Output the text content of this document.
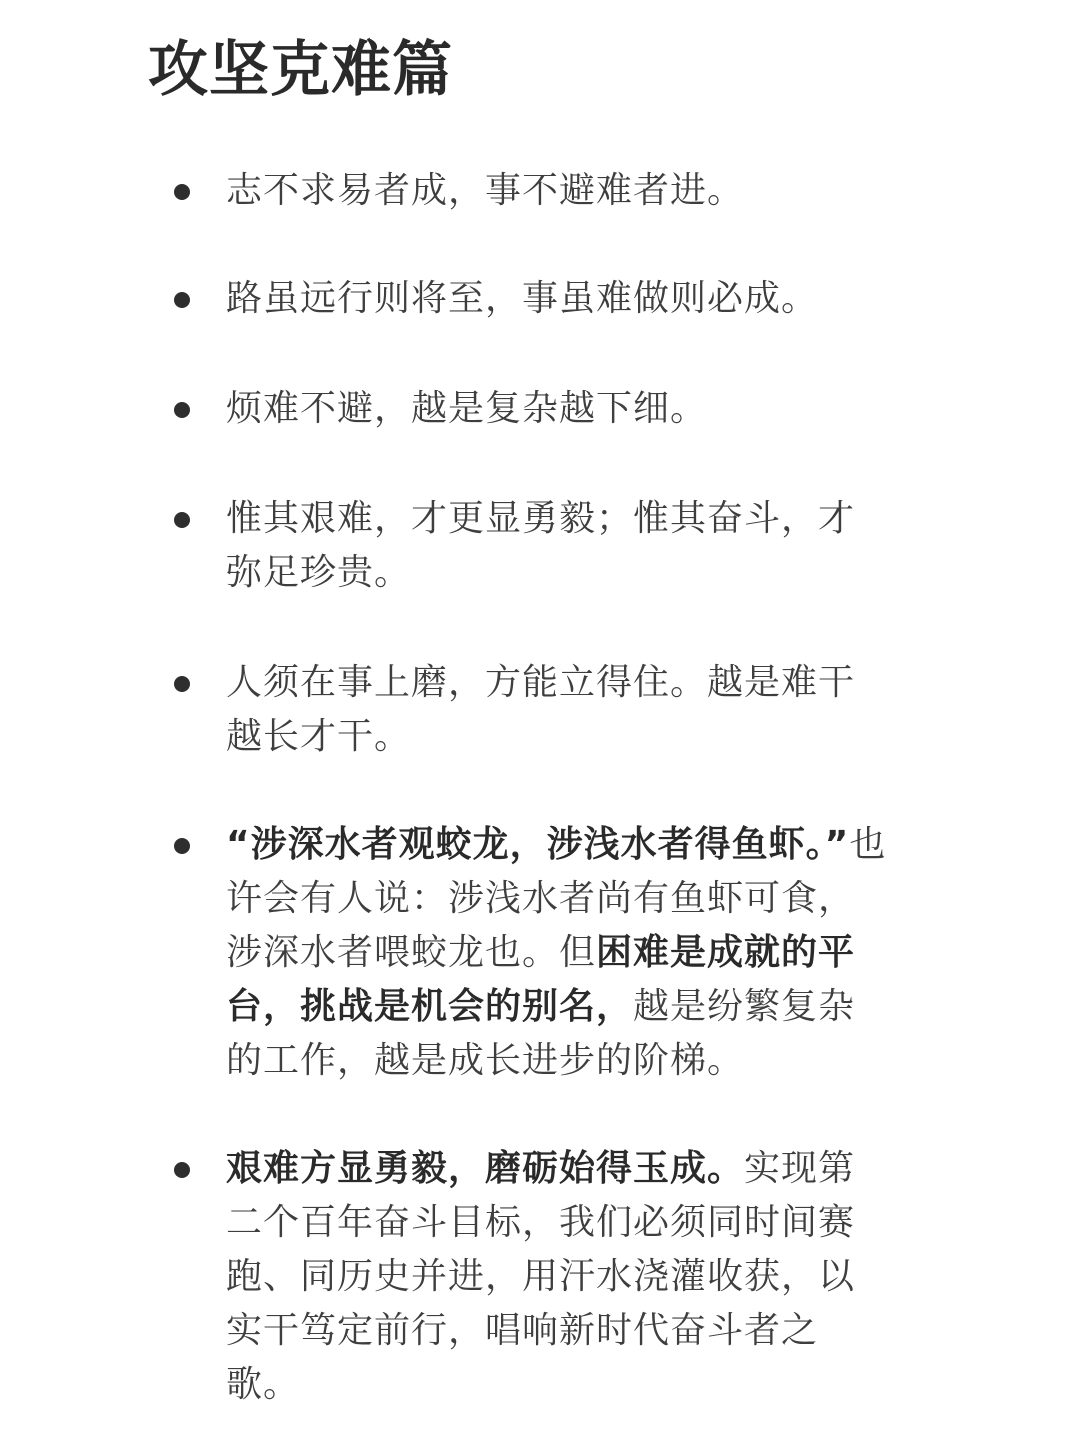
攻坚克难篇

志不求易者成，事不避难者进。

路虽远行则将至，事虽难做则必成。

烦难不避，越是复杂越下细。

惟其艰难，才更显勇毅；惟其奋斗，才弥足珍贵。

人须在事上磨，方能立得住。越是难干越长才干。

“涉深水者观蛟龙，涉浅水者得鱼虾。”也许会有人说：涉浅水者尚有鱼虾可食，涉深水者喂蛟龙也。但困难是成就的平台，挑战是机会的别名，越是纷繁复杂的工作，越是成长进步的阶梯。

艰难方显勇毅，磨砺始得玉成。实现第二个百年奋斗目标，我们必须同时间赛跑、同历史并进，用汗水浇灌收获，以实干笃定前行，唱响新时代奋斗者之歌。
